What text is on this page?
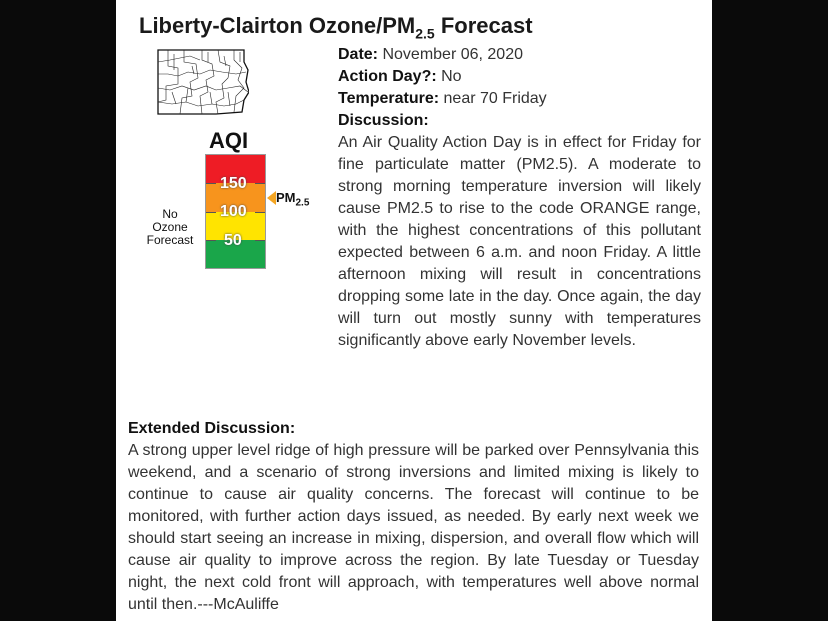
Liberty-Clairton Ozone/$PM_{2.5}$ Forecast
AQI
150
100
50
$PM_{2.5}$
No
Ozone
Forecast

Date: November 06, 2020

Action Day?: No

Temperature: near 70 Friday

Discussion:

An Air Quality Action Day is in effect for Friday for fine particulate matter (PM2.5). A moderate to strong morning temperature inversion will likely cause PM2.5 to rise to the code ORANGE range, with the highest concentrations of this pollutant expected between 6 a.m. and noon Friday. A little afternoon mixing will result in concentrations dropping some late in the day. Once again, the day will turn out mostly sunny with temperatures significantly above early November levels.

Extended Discussion:

A strong upper level ridge of high pressure will be parked over Pennsylvania this weekend, and a scenario of strong inversions and limited mixing is likely to continue to cause air quality concerns. The forecast will continue to be monitored, with further action days issued, as needed. By early next week we should start seeing an increase in mixing, dispersion, and overall flow which will cause air quality to improve across the region. By late Tuesday or Tuesday night, the next cold front will approach, with temperatures well above normal until then.---McAuliffe
